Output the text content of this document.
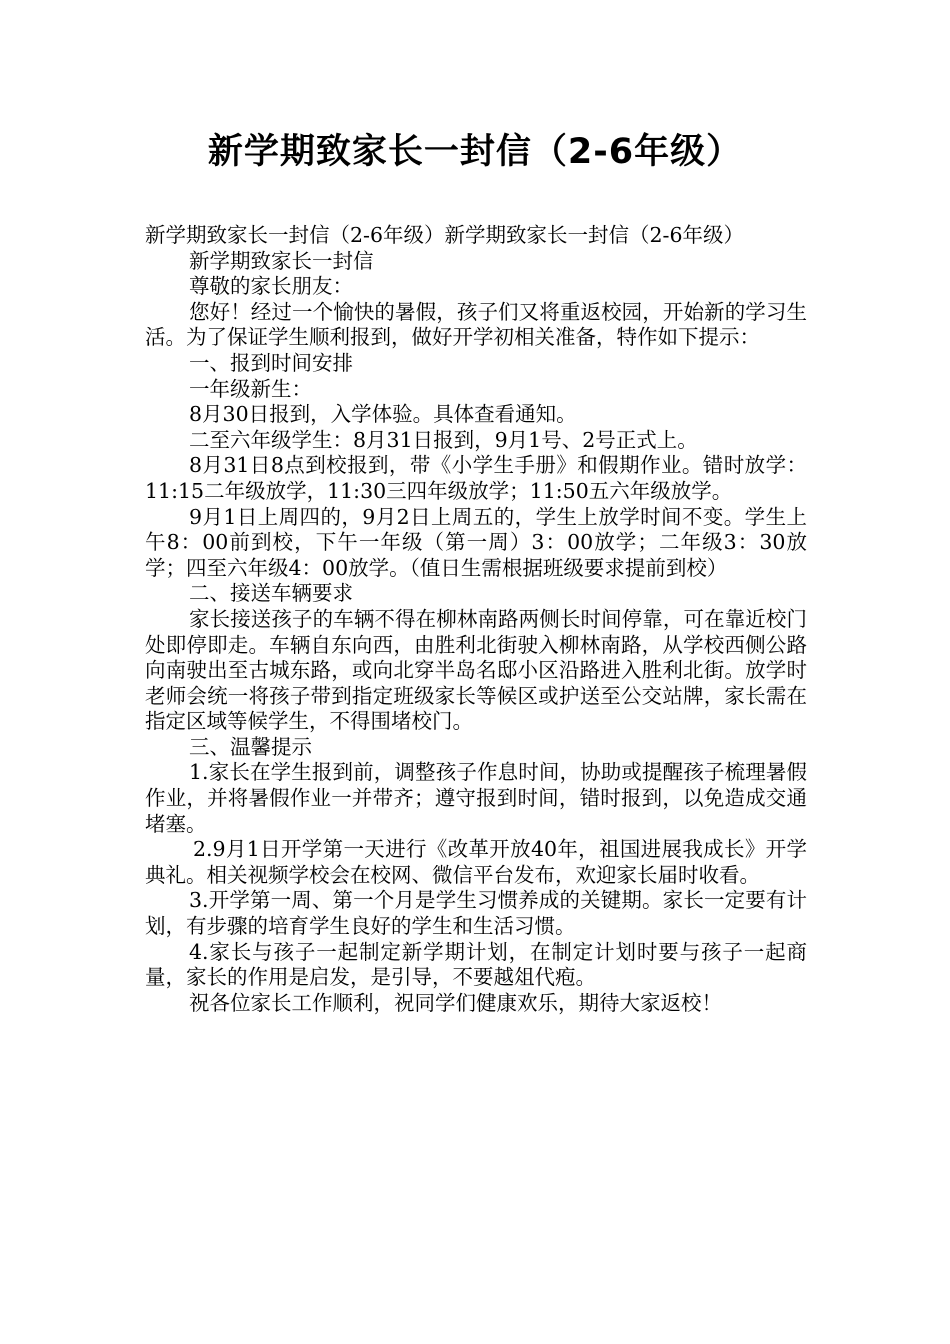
新学期致家长一封信（2-6年级）

新学期致家长一封信（2-6年级）新学期致家长一封信（2-6年级）

新学期致家长一封信

尊敬的家长朋友：

您好！经过一个愉快的暑假，孩子们又将重返校园，开始新的学习生活。为了保证学生顺利报到，做好开学初相关准备，特作如下提示：

一、报到时间安排

一年级新生：

8月30日报到，入学体验。具体查看通知。

二至六年级学生：8月31日报到，9月1号、2号正式上。

8月31日8点到校报到，带《小学生手册》和假期作业。错时放学：11:15二年级放学，11:30三四年级放学；11:50五六年级放学。

9月1日上周四的，9月2日上周五的，学生上放学时间不变。学生上午8：00前到校，下午一年级（第一周）3：00放学；二年级3：30放学；四至六年级4：00放学。（值日生需根据班级要求提前到校）

二、接送车辆要求

家长接送孩子的车辆不得在柳林南路两侧长时间停靠，可在靠近校门处即停即走。车辆自东向西，由胜利北街驶入柳林南路，从学校西侧公路向南驶出至古城东路，或向北穿半岛名邸小区沿路进入胜利北街。放学时老师会统一将孩子带到指定班级家长等候区或护送至公交站牌，家长需在指定区域等候学生，不得围堵校门。

三、温馨提示

1.家长在学生报到前，调整孩子作息时间，协助或提醒孩子梳理暑假作业，并将暑假作业一并带齐；遵守报到时间，错时报到，以免造成交通堵塞。

2.9月1日开学第一天进行《改革开放40年，祖国进展我成长》开学典礼。相关视频学校会在校网、微信平台发布，欢迎家长届时收看。

3.开学第一周、第一个月是学生习惯养成的关键期。家长一定要有计划，有步骤的培育学生良好的学生和生活习惯。

4.家长与孩子一起制定新学期计划，在制定计划时要与孩子一起商量，家长的作用是启发，是引导，不要越俎代疱。

祝各位家长工作顺利，祝同学们健康欢乐，期待大家返校！
